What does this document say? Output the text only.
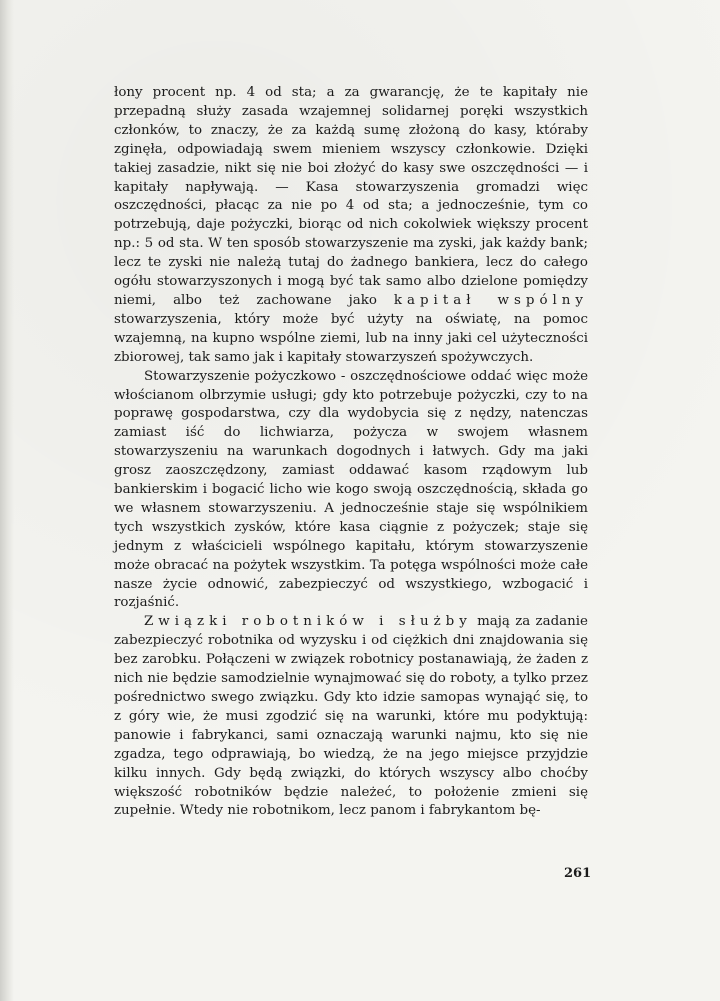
łony procent np. 4 od sta; a za gwarancję, że te kapitały nie przepadną służy zasada wzajemnej solidarnej poręki wszystkich członków, to znaczy, że za każdą sumę złożoną do kasy, któraby zginęła, odpowiadają swem mieniem wszyscy członkowie. Dzięki takiej zasadzie, nikt się nie boi złożyć do kasy swe oszczędności — i kapitały napływają. — Kasa stowarzyszenia gromadzi więc oszczędności, płacąc za nie po 4 od sta; a jednocześnie, tym co potrzebują, daje pożyczki, biorąc od nich cokolwiek większy procent np.: 5 od sta. W ten sposób stowarzyszenie ma zyski, jak każdy bank; lecz te zyski nie należą tutaj do żadnego bankiera, lecz do całego ogółu stowarzyszonych i mogą być tak samo albo dzielone pomiędzy niemi, albo też zachowane jako kapitał wspólny stowarzyszenia, który może być użyty na oświatę, na pomoc wzajemną, na kupno wspólne ziemi, lub na inny jaki cel użyteczności zbiorowej, tak samo jak i kapitały stowarzyszeń spożywczych.

Stowarzyszenie pożyczkowo - oszczędnościowe oddać więc może włościanom olbrzymie usługi; gdy kto potrzebuje pożyczki, czy to na poprawę gospodarstwa, czy dla wydobycia się z nędzy, natenczas zamiast iść do lichwiarza, pożycza w swojem własnem stowarzyszeniu na warunkach dogodnych i łatwych. Gdy ma jaki grosz zaoszczędzony, zamiast oddawać kasom rządowym lub bankierskim i bogacić licho wie kogo swoją oszczędnością, składa go we własnem stowarzyszeniu. A jednocześnie staje się wspólnikiem tych wszystkich zysków, które kasa ciągnie z pożyczek; staje się jednym z właścicieli wspólnego kapitału, którym stowarzyszenie może obracać na pożytek wszystkim. Ta potęga wspólności może całe nasze życie odnowić, zabezpieczyć od wszystkiego, wzbogacić i rozjaśnić.

Związki robotników i służby mają za zadanie zabezpieczyć robotnika od wyzysku i od ciężkich dni znajdowania się bez zarobku. Połączeni w związek robotnicy postanawiają, że żaden z nich nie będzie samodzielnie wynajmować się do roboty, a tylko przez pośrednictwo swego związku. Gdy kto idzie samopas wynająć się, to z góry wie, że musi zgodzić się na warunki, które mu podyktują: panowie i fabrykanci, sami oznaczają warunki najmu, kto się nie zgadza, tego odprawiają, bo wiedzą, że na jego miejsce przyjdzie kilku innych. Gdy będą związki, do których wszyscy albo choćby większość robotników będzie należeć, to położenie zmieni się zupełnie. Wtedy nie robotnikom, lecz panom i fabrykantom bę-

261
